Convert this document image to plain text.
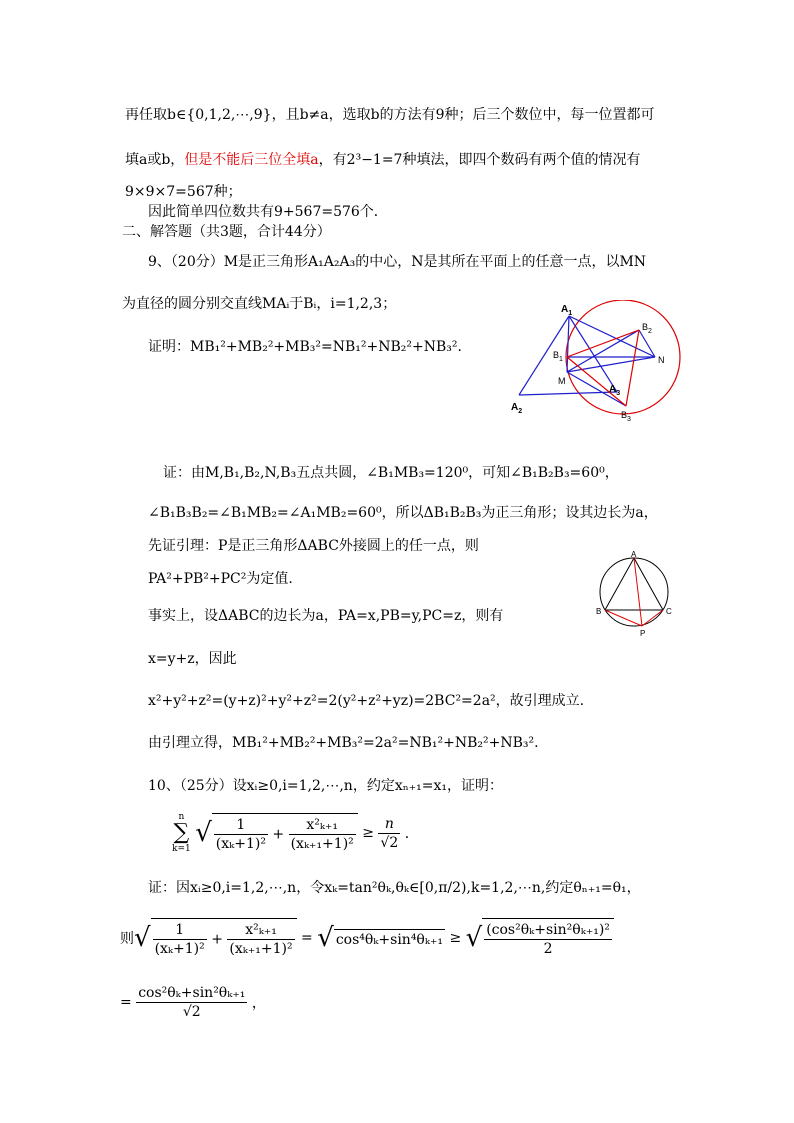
再任取b∈{0,1,2,⋯,9}，且b≠a，选取b的方法有9种；后三个数位中，每一位置都可
填a或b，但是不能后三位全填a，有2³−1=7种填法，即四个数码有两个值的情况有
9×9×7=567种；
因此简单四位数共有9+567=576个．
二、解答题（共3题，合计44分）
9、（20分）M是正三角形A₁A₂A₃的中心，N是其所在平面上的任意一点，以MN
为直径的圆分别交直线MAᵢ于Bᵢ，i=1,2,3；
证明：MB₁²+MB₂²+MB₃²=NB₁²+NB₂²+NB₃²．
$A_1$
$A_2$
$A_3$
$B_1$
$B_2$
$B_3$
M
N
证：由M,B₁,B₂,N,B₃五点共圆，∠B₁MB₃=120⁰，可知∠B₁B₂B₃=60⁰，
∠B₁B₃B₂=∠B₁MB₂=∠A₁MB₂=60⁰，所以ΔB₁B₂B₃为正三角形；设其边长为a，
先证引理：P是正三角形ΔABC外接圆上的任一点，则
PA²+PB²+PC²为定值.
事实上，设ΔABC的边长为a，PA=x,PB=y,PC=z，则有
x=y+z，因此
x²+y²+z²=(y+z)²+y²+z²=2(y²+z²+yz)=2BC²=2a²，故引理成立.
由引理立得，MB₁²+MB₂²+MB₃²=2a²=NB₁²+NB₂²+NB₃².
A
B	C
P
10、（25分）设xᵢ≥0,i=1,2,⋯,n，约定xₙ₊₁=x₁，证明：
n
∑
k=1
√ $\frac{1}{\text{(xₖ+1)²}} + \frac{\text{x²ₖ₊₁}}{\text{(xₖ₊₁+1)²}} \ge \frac{n}{√2}$ ．
证：因xᵢ≥0,i=1,2,⋯,n，令xₖ=tan²θₖ,θₖ∈[0,π/2),k=1,2,⋯n,约定θₙ₊₁=θ₁，
则√ $\frac{1}{\text{(xₖ+1)²}} + \frac{\text{x²ₖ₊₁}}{\text{(xₖ₊₁+1)²}}$ = √ cos⁴θₖ+sin⁴θₖ₊₁ ≥ √ $\frac{\text{(cos²θₖ+sin²θₖ₊₁)²}}{2}$
= $\frac{\text{cos²θₖ+sin²θₖ₊₁}}{√2}$ ，
